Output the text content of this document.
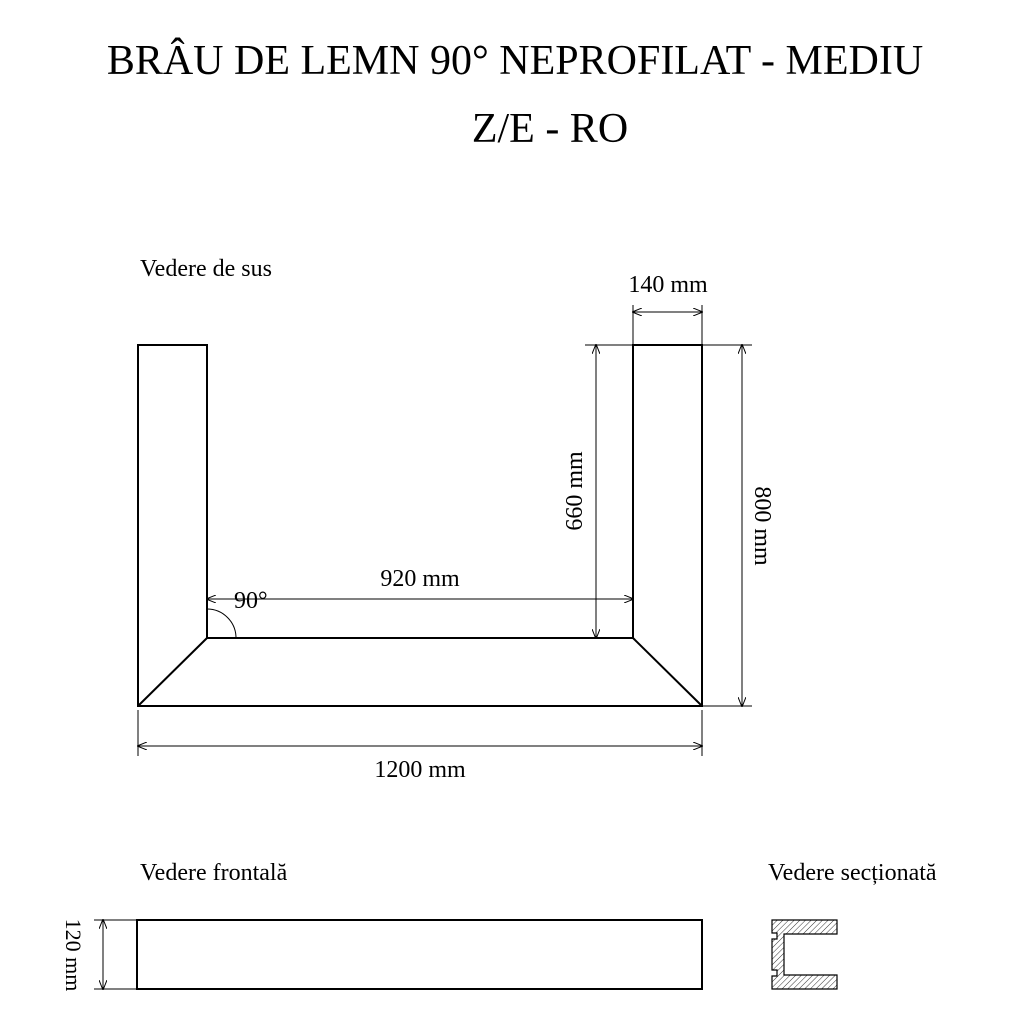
BRÂU DE LEMN 90° NEPROFILAT - MEDIU
Z/E - RO
Vedere de sus
140 mm
660 mm	800 mm
920 mm
90°
1200 mm
Vedere frontală
120 mm
Vedere secționată
